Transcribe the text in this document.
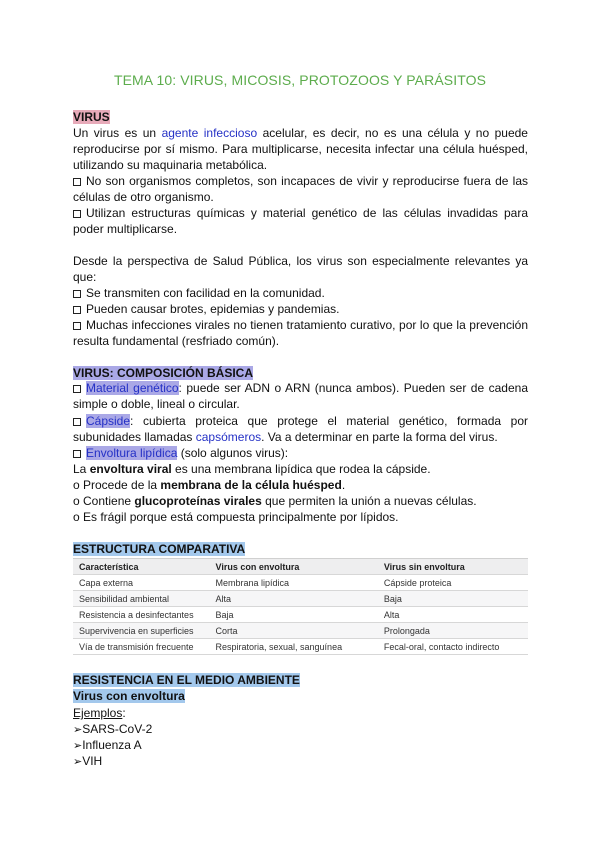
TEMA 10: VIRUS, MICOSIS, PROTOZOOS Y PARÁSITOS
VIRUS

Un virus es un agente infeccioso acelular, es decir, no es una célula y no puede reproducirse por sí mismo. Para multiplicarse, necesita infectar una célula huésped, utilizando su maquinaria metabólica.

No son organismos completos, son incapaces de vivir y reproducirse fuera de las células de otro organismo.

Utilizan estructuras químicas y material genético de las células invadidas para poder multiplicarse.

Desde la perspectiva de Salud Pública, los virus son especialmente relevantes ya que:

Se transmiten con facilidad en la comunidad.

Pueden causar brotes, epidemias y pandemias.

Muchas infecciones virales no tienen tratamiento curativo, por lo que la prevención resulta fundamental (resfriado común).

VIRUS: COMPOSICIÓN BÁSICA

Material genético: puede ser ADN o ARN (nunca ambos). Pueden ser de cadena simple o doble, lineal o circular.

Cápside: cubierta proteica que protege el material genético, formada por subunidades llamadas capsómeros. Va a determinar en parte la forma del virus.

Envoltura lipídica (solo algunos virus):

La envoltura viral es una membrana lipídica que rodea la cápside.

o Procede de la membrana de la célula huésped.

o Contiene glucoproteínas virales que permiten la unión a nuevas células.

o Es frágil porque está compuesta principalmente por lípidos.

ESTRUCTURA COMPARATIVA
Característica	Virus con envoltura	Virus sin envoltura
Capa externa	Membrana lipídica	Cápside proteica
Sensibilidad ambiental	Alta	Baja
Resistencia a desinfectantes	Baja	Alta
Supervivencia en superficies	Corta	Prolongada
Vía de transmisión frecuente	Respiratoria, sexual, sanguínea	Fecal-oral, contacto indirecto
RESISTENCIA EN EL MEDIO AMBIENTE
Virus con envoltura

Ejemplos:

➢SARS-CoV-2

➢Influenza A

➢VIH
